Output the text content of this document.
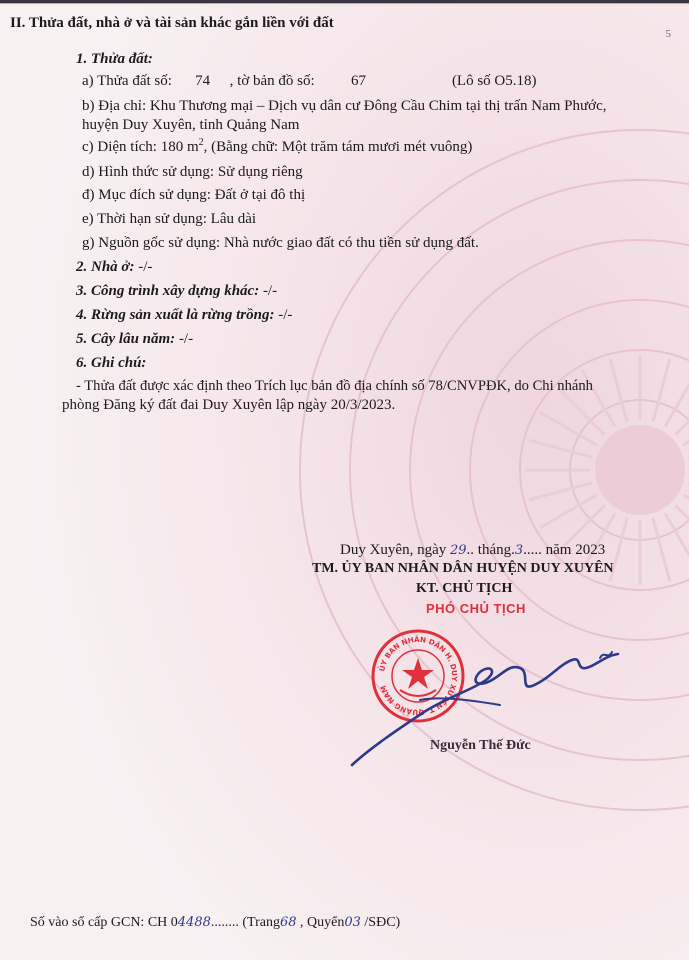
5
II. Thửa đất, nhà ở và tài sản khác gắn liền với đất
1. Thửa đất:
a) Thửa đất số: 74 , tờ bản đồ số: 67	(Lô số O5.18)
b) Địa chỉ: Khu Thương mại – Dịch vụ dân cư Đông Cầu Chim tại thị trấn Nam Phước,
huyện Duy Xuyên, tỉnh Quảng Nam
c) Diện tích: 180 $m^2$, (Bằng chữ: Một trăm tám mươi mét vuông)
d) Hình thức sử dụng: Sử dụng riêng
đ) Mục đích sử dụng: Đất ở tại đô thị
e) Thời hạn sử dụng: Lâu dài
g) Nguồn gốc sử dụng: Nhà nước giao đất có thu tiền sử dụng đất.
2. Nhà ở: -/-
3. Công trình xây dựng khác: -/-
4. Rừng sản xuất là rừng trồng: -/-
5. Cây lâu năm: -/-
6. Ghi chú:
- Thửa đất được xác định theo Trích lục bản đồ địa chính số 78/CNVPĐK, do Chi nhánh
phòng Đăng ký đất đai Duy Xuyên lập ngày 20/3/2023.
Duy Xuyên, ngày 29.. tháng.3..... năm 2023
TM. ỦY BAN NHÂN DÂN HUYỆN DUY XUYÊN
KT. CHỦ TỊCH
PHÓ CHỦ TỊCH
ỦY BAN NHÂN DÂN H. DUY XUYÊN T. QUẢNG NAM
Nguyễn Thế Đức
Số vào sổ cấp GCN: CH 04488........ (Trang68 , Quyển03 /SĐC)
